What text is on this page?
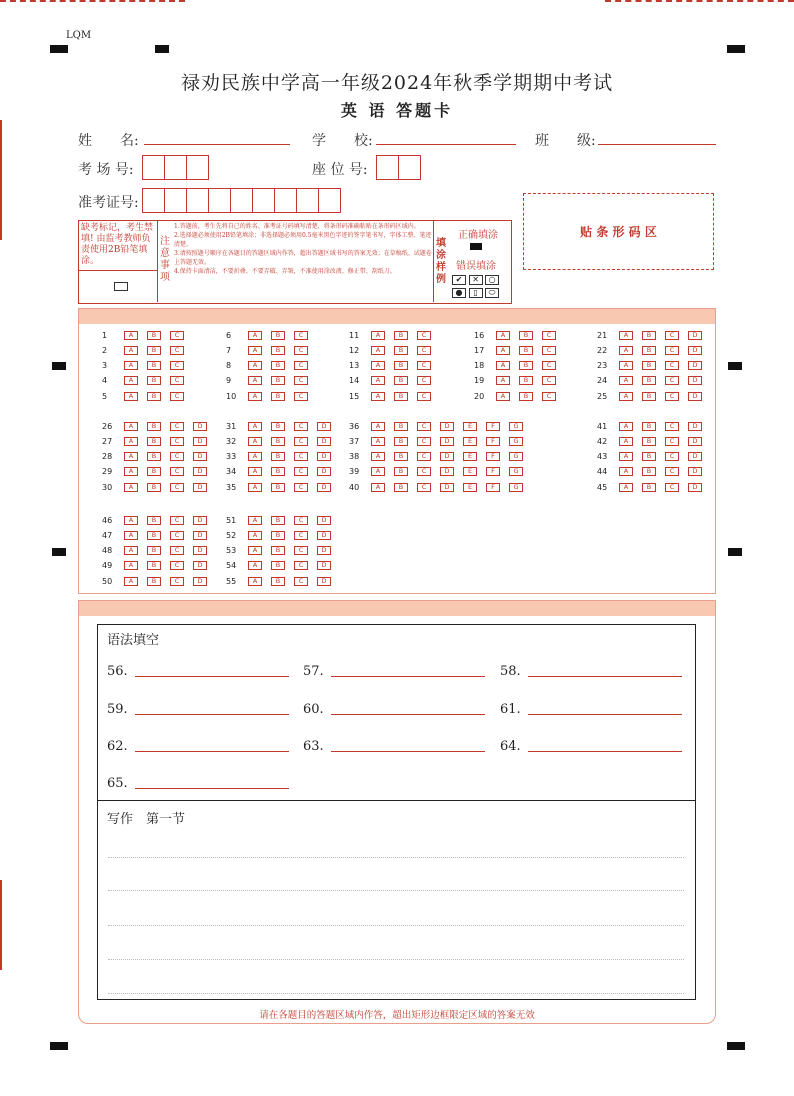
LQM
禄劝民族中学高一年级2024年秋季学期期中考试
英 语 答题卡
姓　　名:	学　　校:	班　　级:
考 场 号:	座 位 号:
准考证号:
贴 条 形 码 区
缺考标记，考生禁填! 由监考教师负责使用2B铅笔填涂。
注意事项
1.答题前，考生先将自己的姓名、准考证号码填写清楚，将条形码准确粘贴在条形码区域内。
2.选择题必须使用2B铅笔填涂；非选择题必须用0.5毫米黑色字迹的签字笔书写，字体工整、笔迹清楚。
3.请按照题号顺序在各题目的答题区域内作答，超出答题区域书写的答案无效；在草稿纸、试题卷上答题无效。
4.保持卡面清洁，不要折叠、不要弄破、弄皱，不准使用涂改液、修正带、刮纸刀。
填涂样例
正确填涂
错误填涂
✔ ✕ ○ ● ▯ ⬭
1	A	B	C
2	A	B	C
3	A	B	C
4	A	B	C
5	A	B	C
6	A	B	C
7	A	B	C
8	A	B	C
9	A	B	C
10	A	B	C
11	A	B	C
12	A	B	C
13	A	B	C
14	A	B	C
15	A	B	C
16	A	B	C
17	A	B	C
18	A	B	C
19	A	B	C
20	A	B	C
21	A	B	C	D
22	A	B	C	D
23	A	B	C	D
24	A	B	C	D
25	A	B	C	D
26	A	B	C	D
27	A	B	C	D
28	A	B	C	D
29	A	B	C	D
30	A	B	C	D
31	A	B	C	D
32	A	B	C	D
33	A	B	C	D
34	A	B	C	D
35	A	B	C	D
36	A	B	C	D	E	F	G
37	A	B	C	D	E	F	G
38	A	B	C	D	E	F	G
39	A	B	C	D	E	F	G
40	A	B	C	D	E	F	G
41	A	B	C	D
42	A	B	C	D
43	A	B	C	D
44	A	B	C	D
45	A	B	C	D
46	A	B	C	D
47	A	B	C	D
48	A	B	C	D
49	A	B	C	D
50	A	B	C	D
51	A	B	C	D
52	A	B	C	D
53	A	B	C	D
54	A	B	C	D
55	A	B	C	D
语法填空
56.	57.	58.
59.	60.	61.
62.	63.	64.
65.
写作　第一节
请在各题目的答题区域内作答，超出矩形边框限定区域的答案无效
